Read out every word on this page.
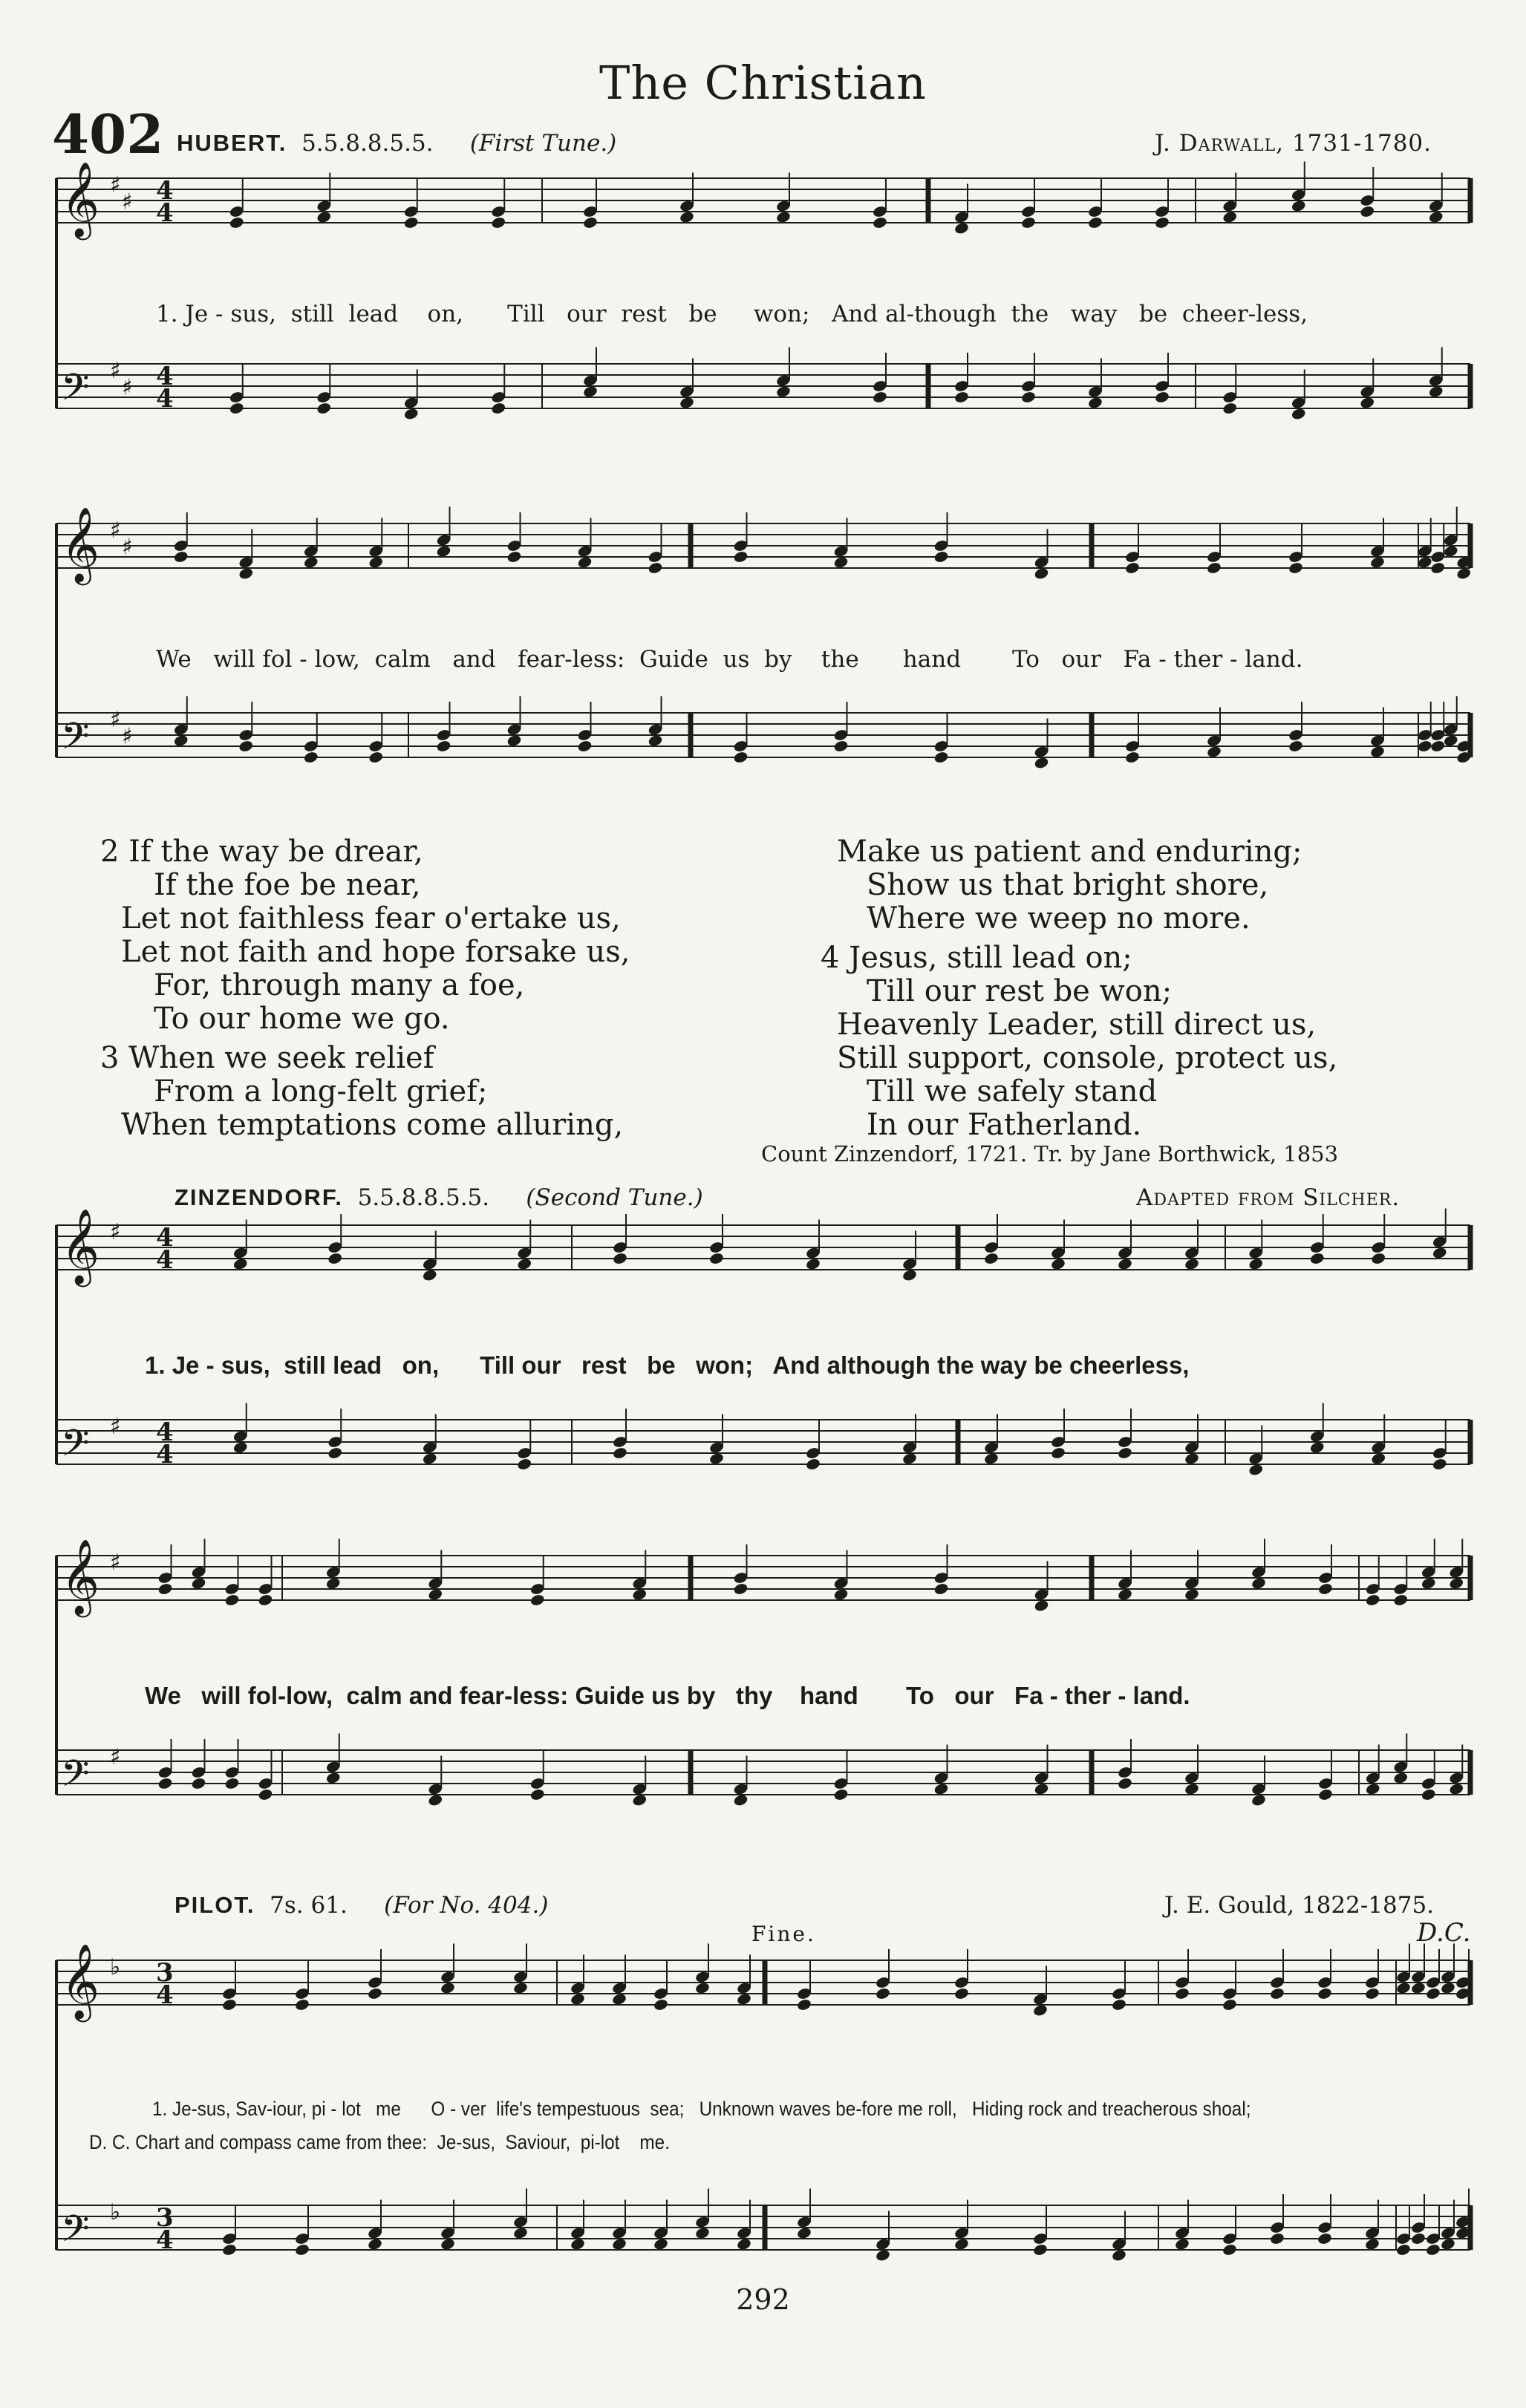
The Christian
402 HUBERT. 5.5.8.8.5.5. (First Tune.)	J. Darwall, 1731-1780.
𝄞 ♯
♯ 4
4
𝄢 ♯
♯ 4
4
1. Je - sus,  still  lead    on,      Till   our  rest   be     won;   And al-though  the   way   be  cheer-less,
𝄞 ♯
♯
𝄢 ♯
♯
We   will fol - low,  calm   and   fear-less:  Guide  us  by    the      hand       To   our   Fa - ther - land.
2 If the way be drear,
If the foe be near,
Let not faithless fear o'ertake us,
Let not faith and hope forsake us,
For, through many a foe,
To our home we go.
3 When we seek relief
From a long-felt grief;
When temptations come alluring,
Make us patient and enduring;
Show us that bright shore,
Where we weep no more.
4 Jesus, still lead on;
Till our rest be won;
Heavenly Leader, still direct us,
Still support, console, protect us,
Till we safely stand
In our Fatherland.
Count Zinzendorf, 1721. Tr. by Jane Borthwick, 1853
ZINZENDORF. 5.5.8.8.5.5. (Second Tune.)	Adapted from Silcher.
𝄞 ♯ 4
4
𝄢 ♯ 4
4
1. Je - sus,  still lead   on,      Till our   rest   be   won;   And although the way be cheerless,
𝄞 ♯
𝄢 ♯
We   will fol-low,  calm and fear-less: Guide us by   thy    hand       To   our   Fa - ther - land.
PILOT. 7s. 61. (For No. 404.)	J. E. Gould, 1822-1875.
Fine.	D.C.
𝄞 ♭ 3
4
𝄢 ♭ 3
4
1. Je-sus, Sav-iour, pi - lot   me      O - ver  life's tempestuous  sea;   Unknown waves be-fore me roll,   Hiding rock and treacherous shoal;
D. C. Chart and compass came from thee:  Je-sus,  Saviour,  pi-lot    me.
292
